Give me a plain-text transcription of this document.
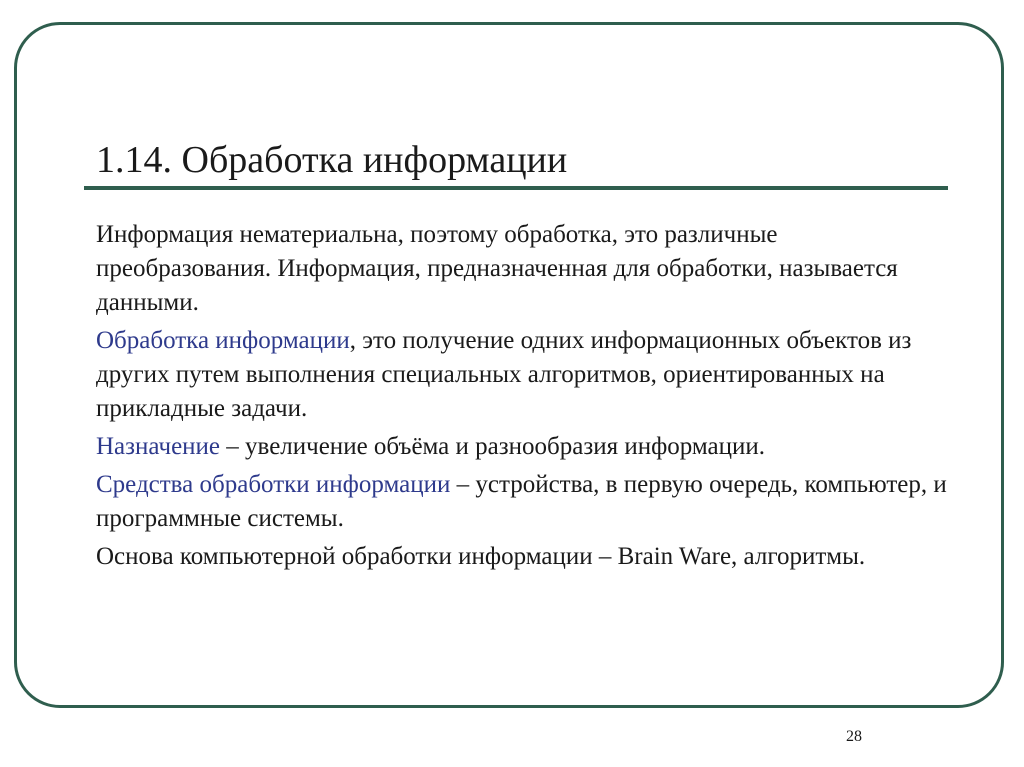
1.14. Обработка информации

Информация нематериальна, поэтому обработка, это различные преобразования. Информация, предназначенная для обработки, называется данными.

Обработка информации, это получение одних информационных объектов из других путем выполнения специальных алгоритмов, ориентированных на прикладные задачи.

Назначение – увеличение объёма и разнообразия информации.

Средства обработки информации – устройства, в первую очередь, компьютер, и программные системы.

Основа компьютерной обработки информации – Brain Ware, алгоритмы.

28
